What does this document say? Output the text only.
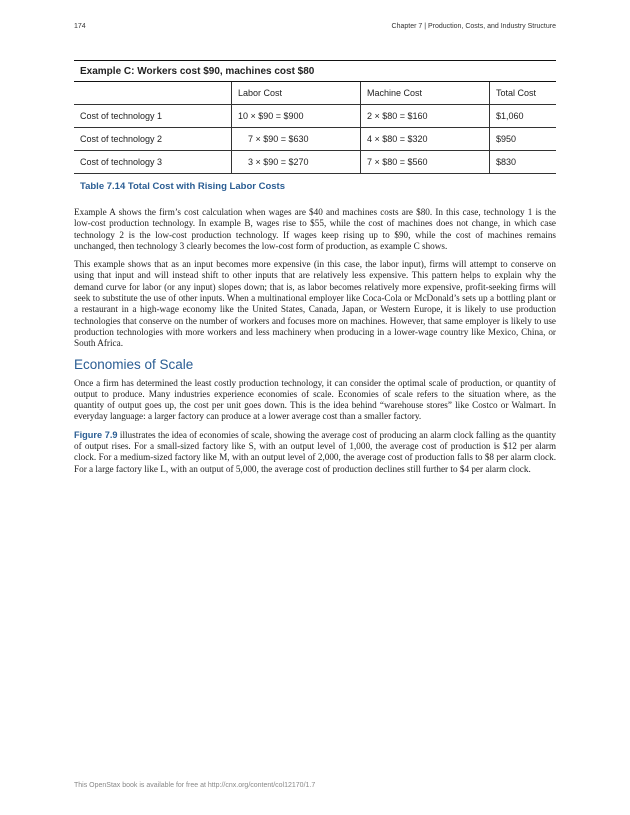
174	Chapter 7 | Production, Costs, and Industry Structure
Example C: Workers cost $90, machines cost $80			
	Labor Cost	Machine Cost	Total Cost
Cost of technology 1	10 × $90 = $900	2 × $80 = $160	$1,060
Cost of technology 2	7 × $90 = $630	4 × $80 = $320	$950
Cost of technology 3	3 × $90 = $270	7 × $80 = $560	$830
Table 7.14 Total Cost with Rising Labor Costs

Example A shows the firm’s cost calculation when wages are $40 and machines costs are $80. In this case, technology 1 is the low-cost production technology. In example B, wages rise to $55, while the cost of machines does not change, in which case technology 2 is the low-cost production technology. If wages keep rising up to $90, while the cost of machines remains unchanged, then technology 3 clearly becomes the low-cost form of production, as example C shows.

This example shows that as an input becomes more expensive (in this case, the labor input), firms will attempt to conserve on using that input and will instead shift to other inputs that are relatively less expensive. This pattern helps to explain why the demand curve for labor (or any input) slopes down; that is, as labor becomes relatively more expensive, profit-seeking firms will seek to substitute the use of other inputs. When a multinational employer like Coca-Cola or McDonald’s sets up a bottling plant or a restaurant in a high-wage economy like the United States, Canada, Japan, or Western Europe, it is likely to use production technologies that conserve on the number of workers and focuses more on machines. However, that same employer is likely to use production technologies with more workers and less machinery when producing in a lower-wage country like Mexico, China, or South Africa.

Economies of Scale

Once a firm has determined the least costly production technology, it can consider the optimal scale of production, or quantity of output to produce. Many industries experience economies of scale. Economies of scale refers to the situation where, as the quantity of output goes up, the cost per unit goes down. This is the idea behind “warehouse stores” like Costco or Walmart. In everyday language: a larger factory can produce at a lower average cost than a smaller factory.

Figure 7.9 illustrates the idea of economies of scale, showing the average cost of producing an alarm clock falling as the quantity of output rises. For a small-sized factory like S, with an output level of 1,000, the average cost of production is $12 per alarm clock. For a medium-sized factory like M, with an output level of 2,000, the average cost of production falls to $8 per alarm clock. For a large factory like L, with an output of 5,000, the average cost of production declines still further to $4 per alarm clock.

This OpenStax book is available for free at http://cnx.org/content/col12170/1.7
